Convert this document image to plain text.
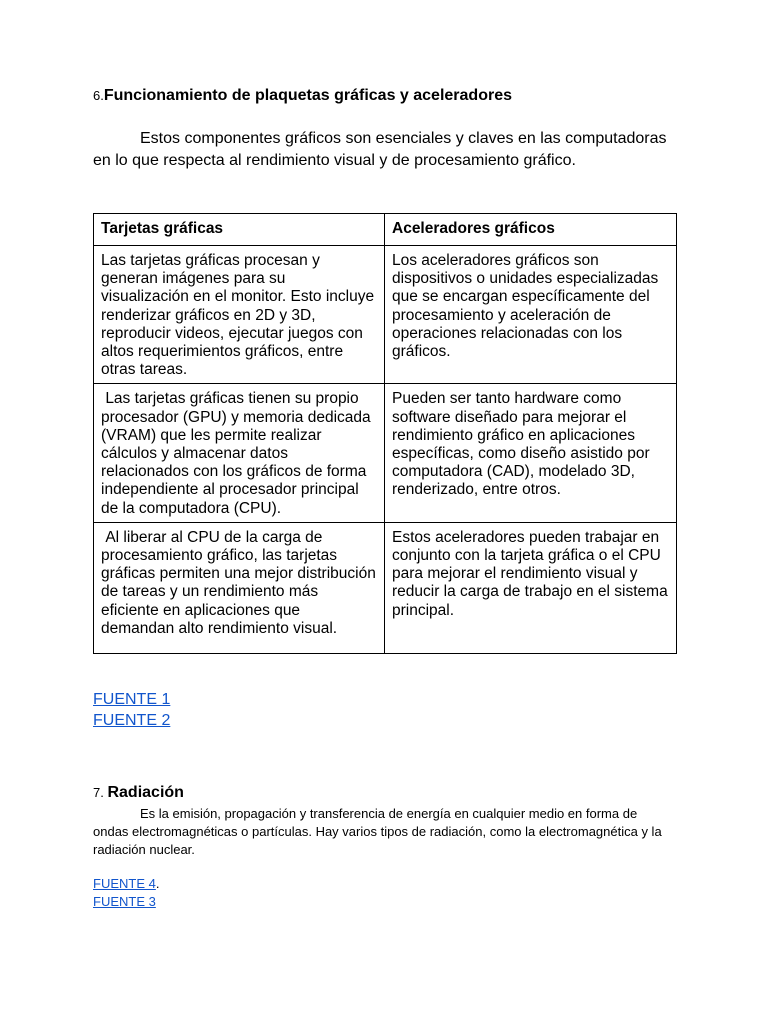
6.Funcionamiento de plaquetas gráficas y aceleradores

Estos componentes gráficos son esenciales y claves en las computadoras en lo que respecta al rendimiento visual y de procesamiento gráfico.

Tarjetas gráficas	Aceleradores gráficos
Las tarjetas gráficas procesan y generan imágenes para su visualización en el monitor. Esto incluye renderizar gráficos en 2D y 3D, reproducir videos, ejecutar juegos con altos requerimientos gráficos, entre otras tareas.	Los aceleradores gráficos son dispositivos o unidades especializadas que se encargan específicamente del procesamiento y aceleración de operaciones relacionadas con los gráficos.
Las tarjetas gráficas tienen su propio procesador (GPU) y memoria dedicada (VRAM) que les permite realizar cálculos y almacenar datos relacionados con los gráficos de forma independiente al procesador principal de la computadora (CPU).	Pueden ser tanto hardware como software diseñado para mejorar el rendimiento gráfico en aplicaciones específicas, como diseño asistido por computadora (CAD), modelado 3D, renderizado, entre otros.
Al liberar al CPU de la carga de procesamiento gráfico, las tarjetas gráficas permiten una mejor distribución de tareas y un rendimiento más eficiente en aplicaciones que demandan alto rendimiento visual.	Estos aceleradores pueden trabajar en conjunto con la tarjeta gráfica o el CPU para mejorar el rendimiento visual y reducir la carga de trabajo en el sistema principal.
FUENTE 1
FUENTE 2
7. Radiación

Es la emisión, propagación y transferencia de energía en cualquier medio en forma de ondas electromagnéticas o partículas. Hay varios tipos de radiación, como la electromagnética y la radiación nuclear.

FUENTE 4.
FUENTE 3
